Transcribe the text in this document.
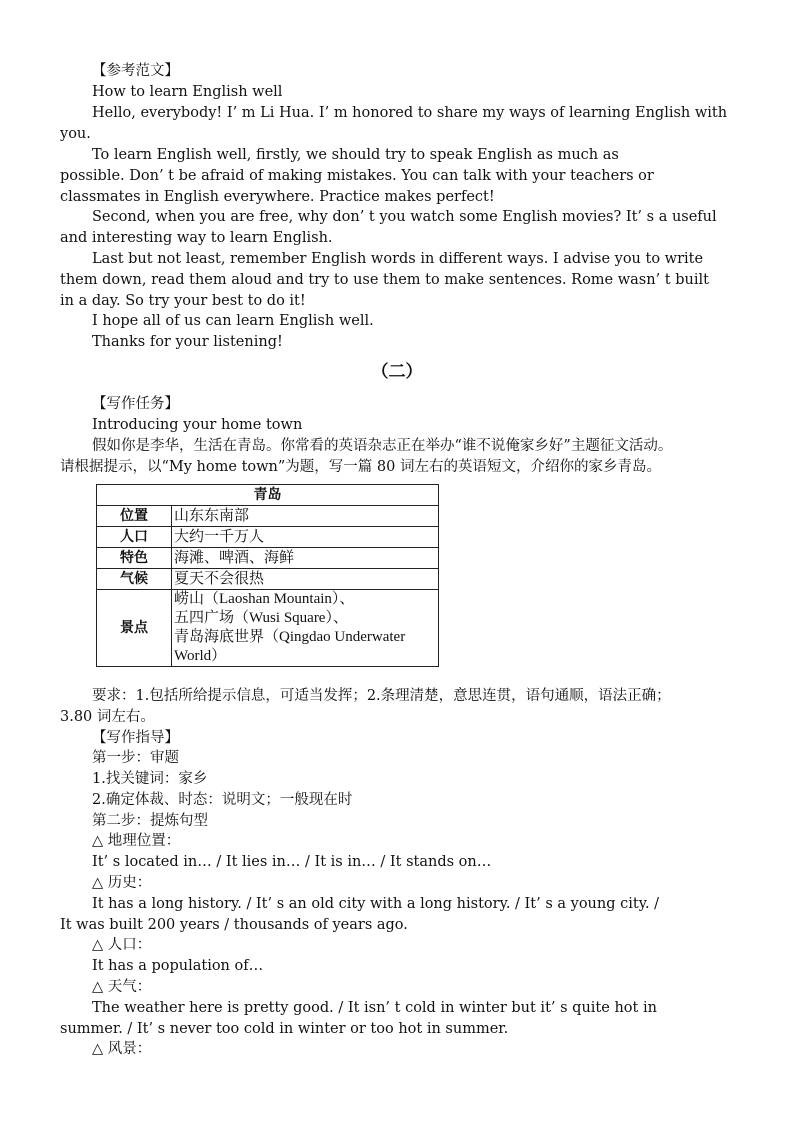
【参考范文】
How to learn English well
Hello, everybody! I’ m Li Hua. I’ m honored to share my ways of learning English with
you.
To learn English well, firstly, we should try to speak English as much as
possible. Don’ t be afraid of making mistakes. You can talk with your teachers or
classmates in English everywhere. Practice makes perfect!
Second, when you are free, why don’ t you watch some English movies? It’ s a useful
and interesting way to learn English.
Last but not least, remember English words in different ways. I advise you to write
them down, read them aloud and try to use them to make sentences. Rome wasn’ t built
in a day. So try your best to do it!
I hope all of us can learn English well.
Thanks for your listening!
（二）
【写作任务】
Introducing your home town
假如你是李华，生活在青岛。你常看的英语杂志正在举办“谁不说俺家乡好”主题征文活动。
请根据提示，以“My home town”为题，写一篇 80 词左右的英语短文，介绍你的家乡青岛。
青岛	
位置	山东东南部

人口	大约一千万人

特色	海滩、啤酒、海鲜

气候	夏天不会很热

景点	崂山（Laoshan Mountain）、
五四广场（Wusi Square）、
青岛海底世界（Qingdao Underwater
World）
要求：1.包括所给提示信息，可适当发挥；2.条理清楚，意思连贯，语句通顺，语法正确；
3.80 词左右。
【写作指导】
第一步：审题
1.找关键词：家乡
2.确定体裁、时态：说明文；一般现在时
第二步：提炼句型
△ 地理位置：
It’ s located in… / It lies in… / It is in… / It stands on…
△ 历史：
It has a long history. / It’ s an old city with a long history. / It’ s a young city. /
It was built 200 years / thousands of years ago.
△ 人口：
It has a population of…
△ 天气：
The weather here is pretty good. / It isn’ t cold in winter but it’ s quite hot in
summer. / It’ s never too cold in winter or too hot in summer.
△ 风景：
